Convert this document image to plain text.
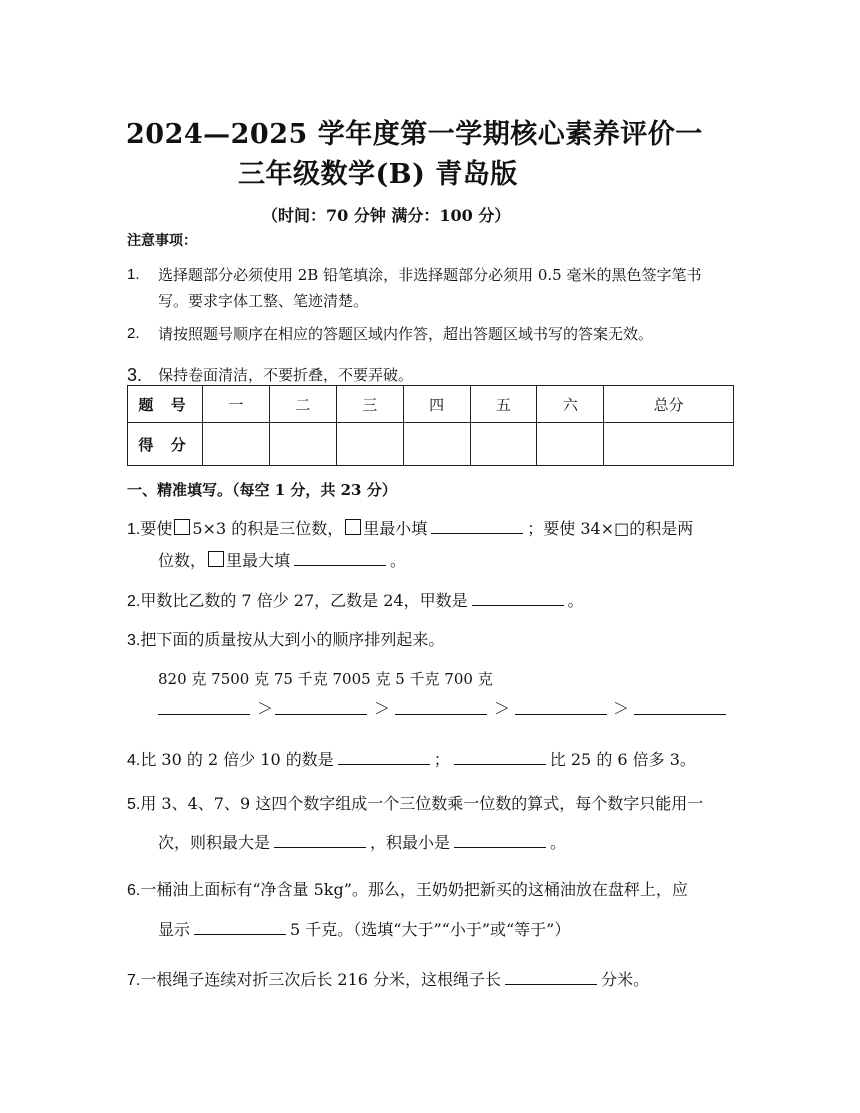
2024—2025 学年度第一学期核心素养评价一
三年级数学(B) 青岛版
（时间：70 分钟 满分：100 分）
注意事项：
1. 选择题部分必须使用 2B 铅笔填涂，非选择题部分必须用 0.5 毫米的黑色签字笔书写。要求字体工整、笔迹清楚。
2. 请按照题号顺序在相应的答题区域内作答，超出答题区域书写的答案无效。
3. 保持卷面清洁，不要折叠，不要弄破。
题 号	一	二	三	四	五	六	总分
得 分							
一、精准填写。（每空 1 分，共 23 分）
1.要使 5×3 的积是三位数， 里最小填	；要使 34×□的积是两
位数， 里最大填	。
2.甲数比乙数的 7 倍少 27，乙数是 24，甲数是	。
3.把下面的质量按从大到小的顺序排列起来。
820 克 7500 克 75 千克 7005 克 5 千克 700 克
＞	＞	＞	＞
4.比 30 的 2 倍少 10 的数是	；	比 25 的 6 倍多 3。
5.用 3、4、7、9 这四个数字组成一个三位数乘一位数的算式，每个数字只能用一
次，则积最大是	，积最小是	。
6.一桶油上面标有“净含量 5kg”。那么，王奶奶把新买的这桶油放在盘秤上，应
显示	5 千克。（选填“大于”“小于”或“等于”）
7.一根绳子连续对折三次后长 216 分米，这根绳子长	分米。
